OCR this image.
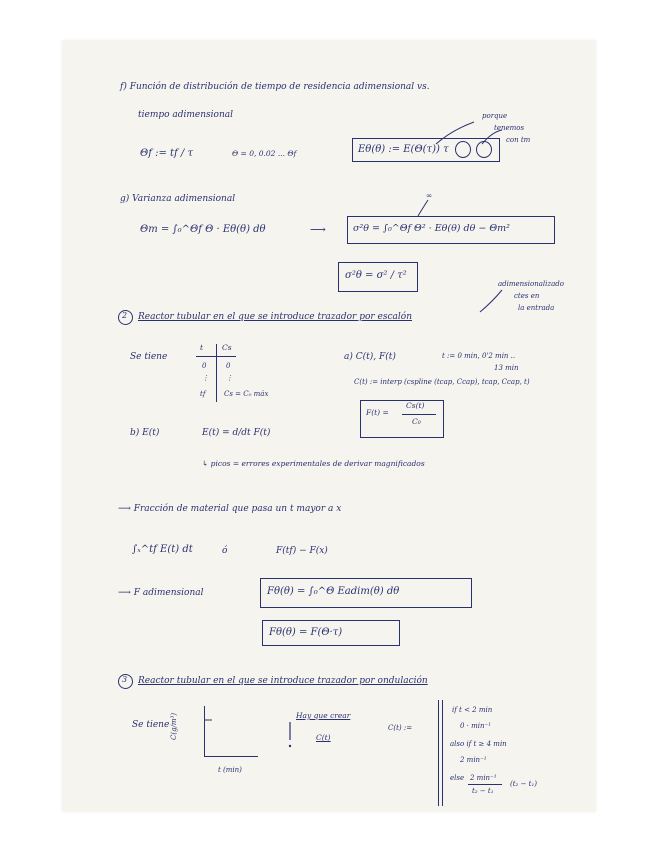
f) Función de distribución de tiempo de residencia adimensional vs.
tiempo adimensional	porque
tenemos
con tm
Θf := tf / τ	Θ = 0, 0.02 ... Θf	Eθ(θ) := E(Θ(τ)) τ
g) Varianza adimensional
Θm = ∫₀^Θf Θ · Eθ(θ) dθ	⟶
∞
σ²θ = ∫₀^Θf Θ² · Eθ(θ) dθ − Θm²
σ²θ = σ² / τ²
2 Reactor tubular en el que se introduce trazador por escalón
adimensionalizado
ctes en
la entrada
Se tiene
t	Cs
0	0
⋮ ⋮
tf	Cs = C₀ máx
a) C(t), F(t)	t := 0 min, 0'2 min ..
13 min
C(t) := interp (cspline (tcap, Ccap), tcap, Ccap, t)
F(t) =
Cs(t)
C₀
b) E(t)	E(t) = d/dt F(t)
↳ picos = errores experimentales de derivar magnificados
⟶ Fracción de material que pasa un t mayor a x
∫ₓ^tf E(t) dt	ó	F(tf) − F(x)
⟶ F adimensional	Fθ(θ) = ∫₀^Θ Eadim(θ) dθ
Fθ(θ) = F(Θ·τ)
3 Reactor tubular en el que se introduce trazador por ondulación
Se tiene C(g/m³)
t (min)
Hay que crear
C(t)
C(t) :=
if t < 2 min
0 · min⁻¹
also if t ≥ 4 min
2 min⁻¹
else 2 min⁻¹
t₂ − t₁
(t₂ − t₁)
